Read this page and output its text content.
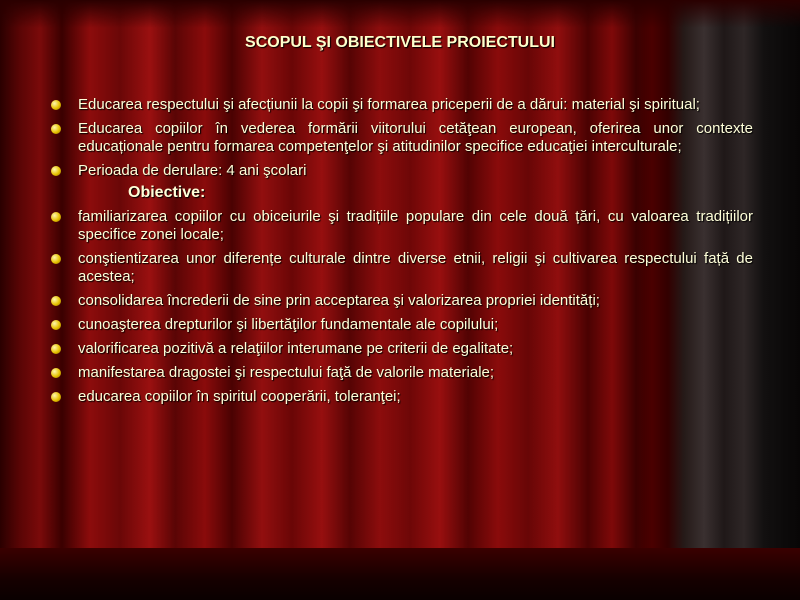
SCOPUL ŞI OBIECTIVELE PROIECTULUI
Educarea respectului şi afecțiunii la copii şi formarea priceperii de a dărui: material şi spiritual;
Educarea copiilor în vederea formării viitorului cetăţean european, oferirea unor contexte educaționale pentru formarea competenţelor şi atitudinilor specifice educaţiei interculturale;
Perioada de derulare: 4 ani şcolari
Obiective:
familiarizarea copiilor cu obiceiurile şi tradițiile populare din cele două țări, cu valoarea tradițiilor specifice zonei locale;
conştientizarea unor diferențe culturale dintre diverse etnii, religii şi cultivarea respectului față de acestea;
consolidarea încrederii de sine prin acceptarea şi valorizarea propriei identități;
cunoaşterea drepturilor şi libertăţilor fundamentale ale copilului;
valorificarea pozitivă a relaţiilor interumane pe criterii de egalitate;
manifestarea dragostei şi respectului faţă de valorile materiale;
educarea copiilor în spiritul cooperării, toleranţei;
